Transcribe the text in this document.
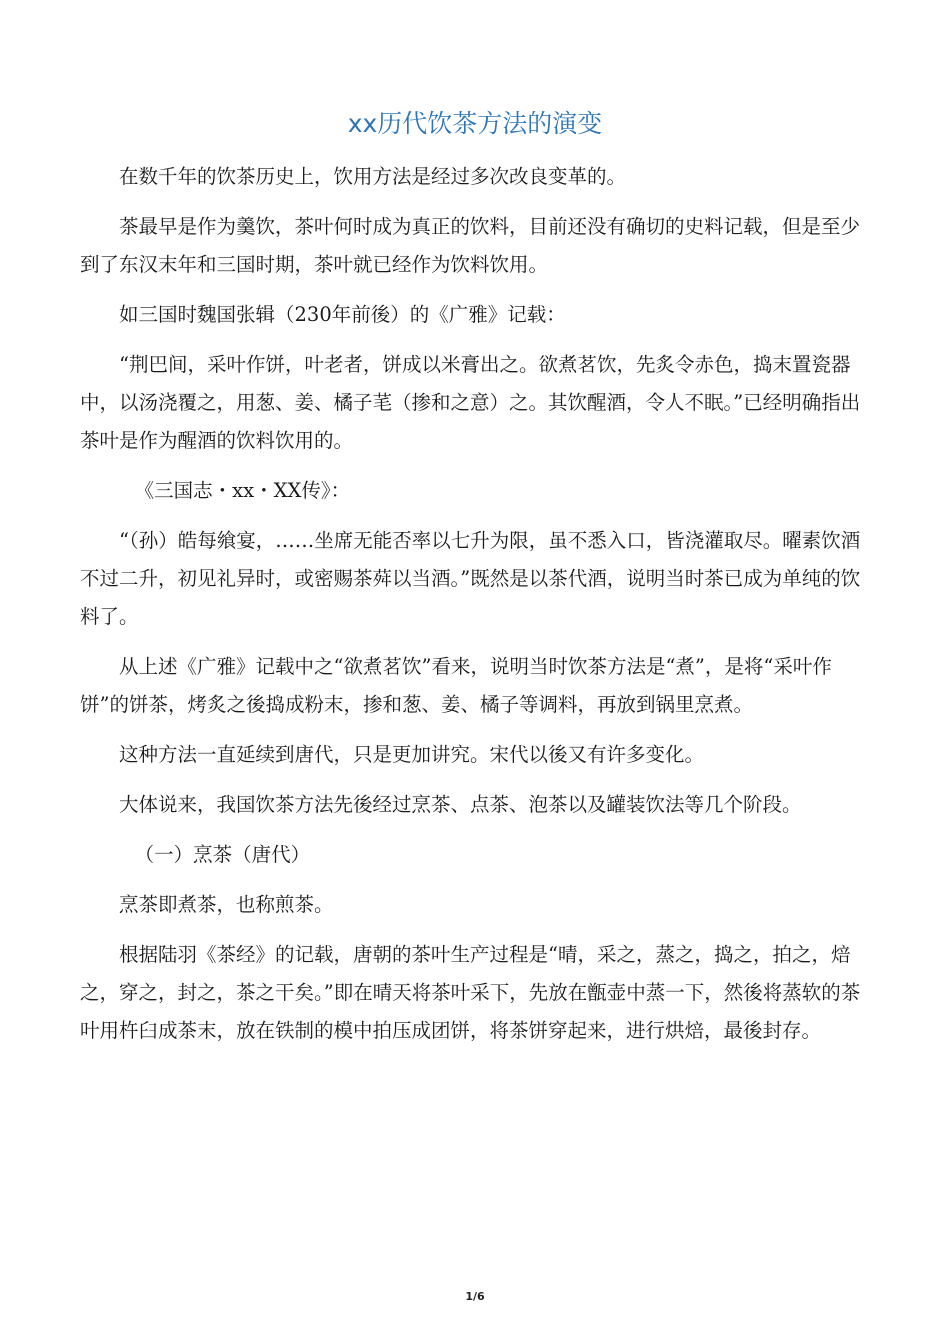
xx历代饮茶方法的演变

在数千年的饮茶历史上，饮用方法是经过多次改良变革的。

茶最早是作为羹饮，茶叶何时成为真正的饮料，目前还没有确切的史料记载，但是至少到了东汉末年和三国时期，茶叶就已经作为饮料饮用。

如三国时魏国张辑（230年前後）的《广雅》记载：

“荆巴间，采叶作饼，叶老者，饼成以米膏出之。欲煮茗饮，先炙令赤色，捣末置瓷器中，以汤浇覆之，用葱、姜、橘子芼（掺和之意）之。其饮醒酒，令人不眠。”已经明确指出茶叶是作为醒酒的饮料饮用的。

《三国志・xx・XX传》：

“（孙）皓每飨宴，……坐席无能否率以七升为限，虽不悉入口，皆浇灌取尽。曜素饮酒不过二升，初见礼异时，或密赐茶荈以当酒。”既然是以茶代酒，说明当时茶已成为单纯的饮料了。

从上述《广雅》记载中之“欲煮茗饮”看来，说明当时饮茶方法是“煮”，是将“采叶作饼”的饼茶，烤炙之後捣成粉末，掺和葱、姜、橘子等调料，再放到锅里烹煮。

这种方法一直延续到唐代，只是更加讲究。宋代以後又有许多变化。

大体说来，我国饮茶方法先後经过烹茶、点茶、泡茶以及罐装饮法等几个阶段。

（一）烹茶（唐代）

烹茶即煮茶，也称煎茶。

根据陆羽《茶经》的记载，唐朝的茶叶生产过程是“晴，采之，蒸之，捣之，拍之，焙之，穿之，封之，茶之干矣。”即在晴天将茶叶采下，先放在甑壶中蒸一下，然後将蒸软的茶叶用杵臼成茶末，放在铁制的模中拍压成团饼，将茶饼穿起来，进行烘焙，最後封存。

1/6
